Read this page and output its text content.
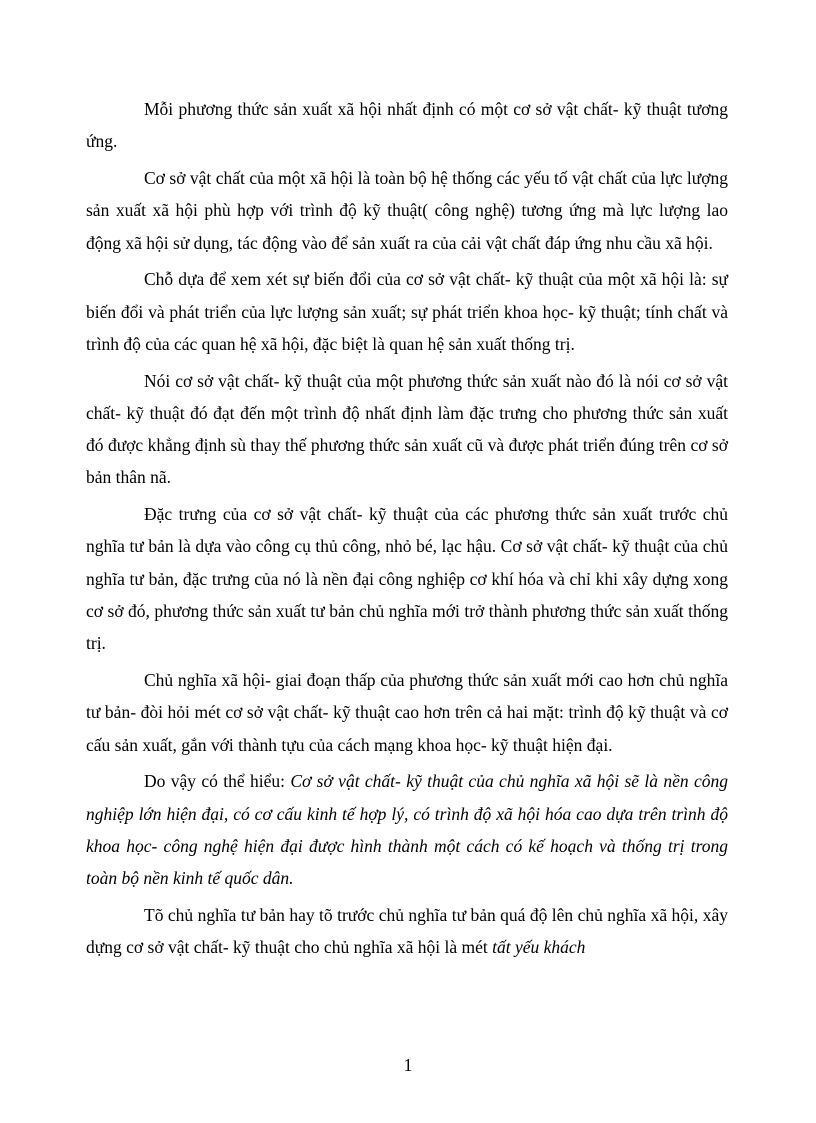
Mỗi phương thức sản xuất xã hội nhất định có một cơ sở vật chất- kỹ thuật tương ứng.

Cơ sở vật chất của một xã hội là toàn bộ hệ thống các yếu tố vật chất của lực lượng sản xuất xã hội phù hợp với trình độ kỹ thuật( công nghệ) tương ứng mà lực lượng lao động xã hội sử dụng, tác động vào để sản xuất ra của cải vật chất đáp ứng nhu cầu xã hội.

Chỗ dựa để xem xét sự biến đổi của cơ sở vật chất- kỹ thuật của một xã hội là: sự biến đổi và phát triển của lực lượng sản xuất; sự phát triển khoa học- kỹ thuật; tính chất và trình độ của các quan hệ xã hội, đặc biệt là quan hệ sản xuất thống trị.

Nói cơ sở vật chất- kỹ thuật của một phương thức sản xuất nào đó là nói cơ sở vật chất- kỹ thuật đó đạt đến một trình độ nhất định làm đặc trưng cho phương thức sản xuất đó được khẳng định sù thay thế phương thức sản xuất cũ và được phát triển đúng trên cơ sở bản thân nã.

Đặc trưng của cơ sở vật chất- kỹ thuật của các phương thức sản xuất trước chủ nghĩa tư bản là dựa vào công cụ thủ công, nhỏ bé, lạc hậu. Cơ sở vật chất- kỹ thuật của chủ nghĩa tư bản, đặc trưng của nó là nền đại công nghiệp cơ khí hóa và chỉ khi xây dựng xong cơ sở đó, phương thức sản xuất tư bản chủ nghĩa mới trở thành phương thức sản xuất thống trị.

Chủ nghĩa xã hội- giai đoạn thấp của phương thức sản xuất mới cao hơn chủ nghĩa tư bản- đòi hỏi mét cơ sở vật chất- kỹ thuật cao hơn trên cả hai mặt: trình độ kỹ thuật và cơ cấu sản xuất, gắn với thành tựu của cách mạng khoa học- kỹ thuật hiện đại.

Do vậy có thể hiểu: Cơ sở vật chất- kỹ thuật của chủ nghĩa xã hội sẽ là nền công nghiệp lớn hiện đại, có cơ cấu kinh tế hợp lý, có trình độ xã hội hóa cao dựa trên trình độ khoa học- công nghệ hiện đại được hình thành một cách có kế hoạch và thống trị trong toàn bộ nền kinh tế quốc dân.

Tõ chủ nghĩa tư bản hay tõ trước chủ nghĩa tư bản quá độ lên chủ nghĩa xã hội, xây dựng cơ sở vật chất- kỹ thuật cho chủ nghĩa xã hội là mét tất yếu khách

1
